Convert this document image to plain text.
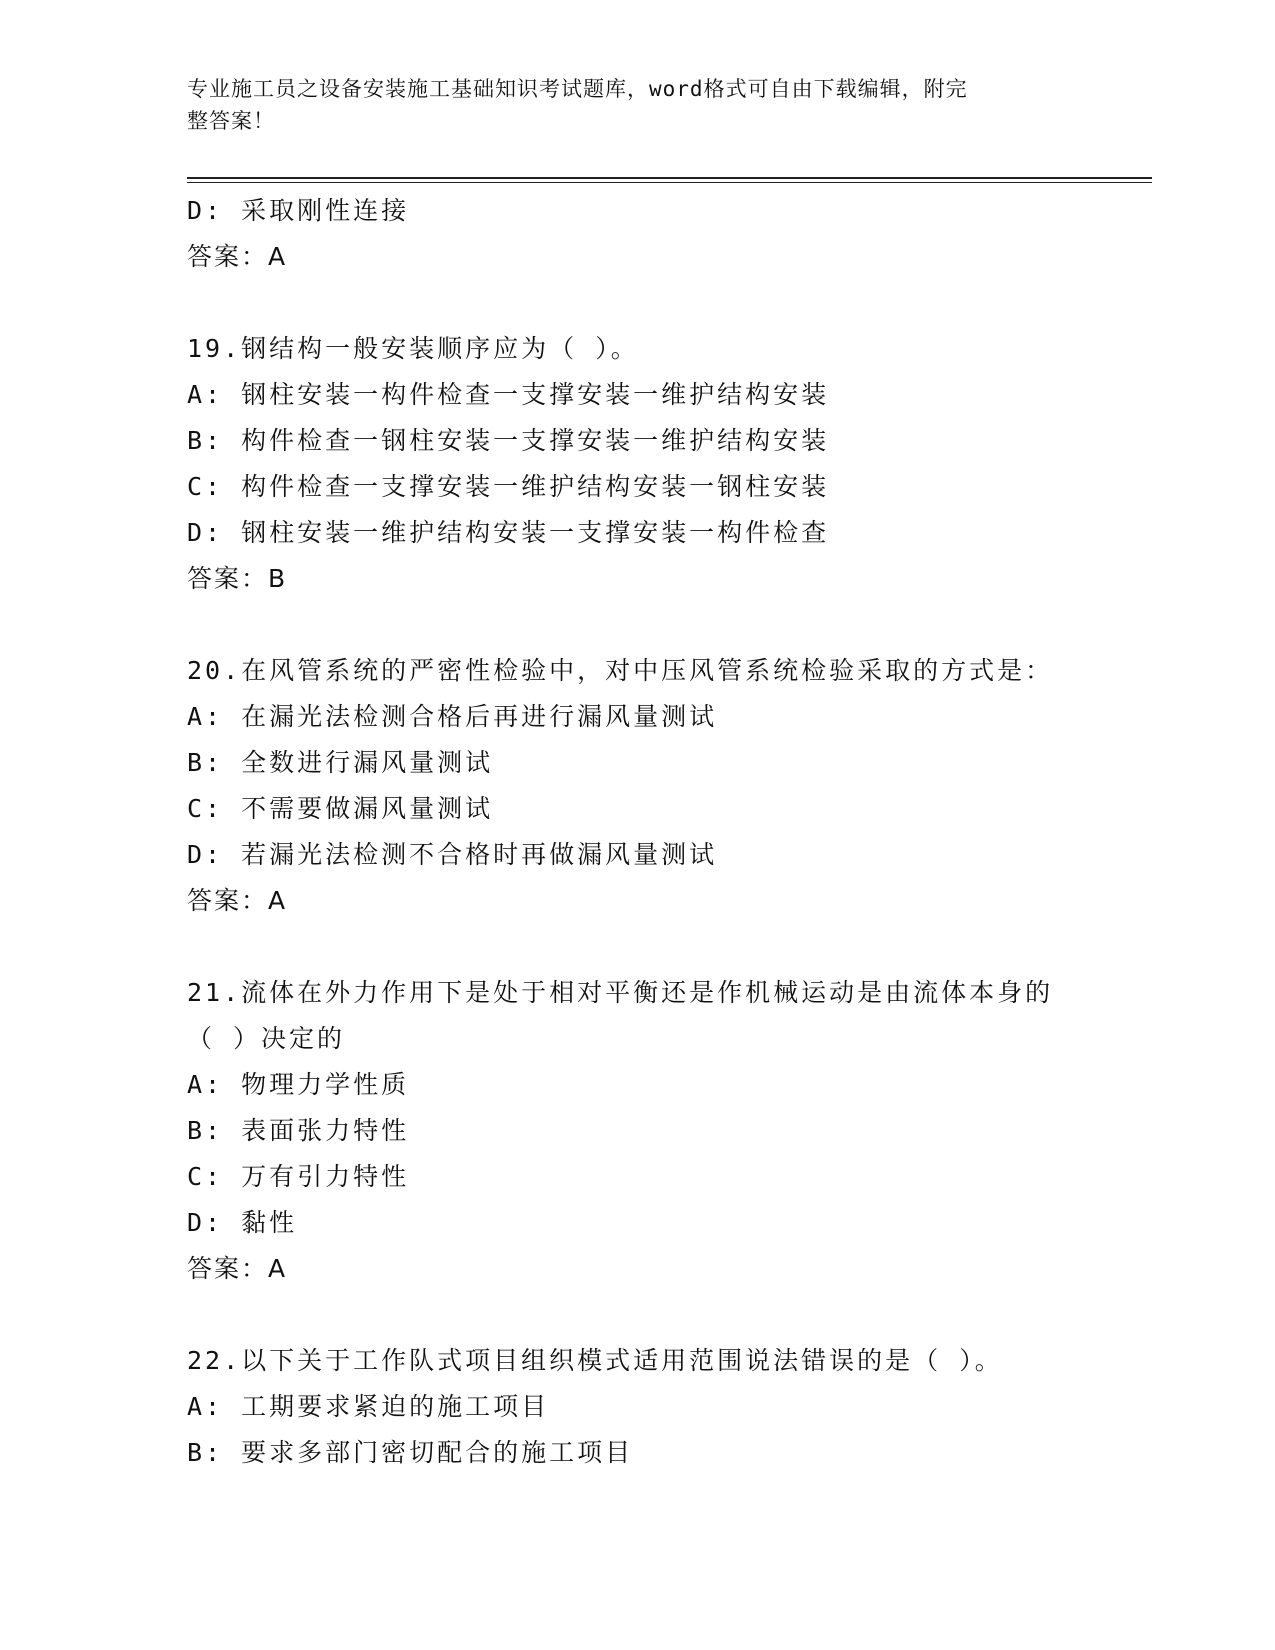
专业施工员之设备安装施工基础知识考试题库，word格式可自由下载编辑，附完
整答案！
D: 采取刚性连接
答案：A
19.钢结构一般安装顺序应为（ ）。
A: 钢柱安装一构件检查一支撑安装一维护结构安装
B: 构件检查一钢柱安装一支撑安装一维护结构安装
C: 构件检查一支撑安装一维护结构安装一钢柱安装
D: 钢柱安装一维护结构安装一支撑安装一构件检查
答案：B
20.在风管系统的严密性检验中，对中压风管系统检验采取的方式是：
A: 在漏光法检测合格后再进行漏风量测试
B: 全数进行漏风量测试
C: 不需要做漏风量测试
D: 若漏光法检测不合格时再做漏风量测试
答案：A
21.流体在外力作用下是处于相对平衡还是作机械运动是由流体本身的
（ ）决定的
A: 物理力学性质
B: 表面张力特性
C: 万有引力特性
D: 黏性
答案：A
22.以下关于工作队式项目组织模式适用范围说法错误的是（ ）。
A: 工期要求紧迫的施工项目
B: 要求多部门密切配合的施工项目
